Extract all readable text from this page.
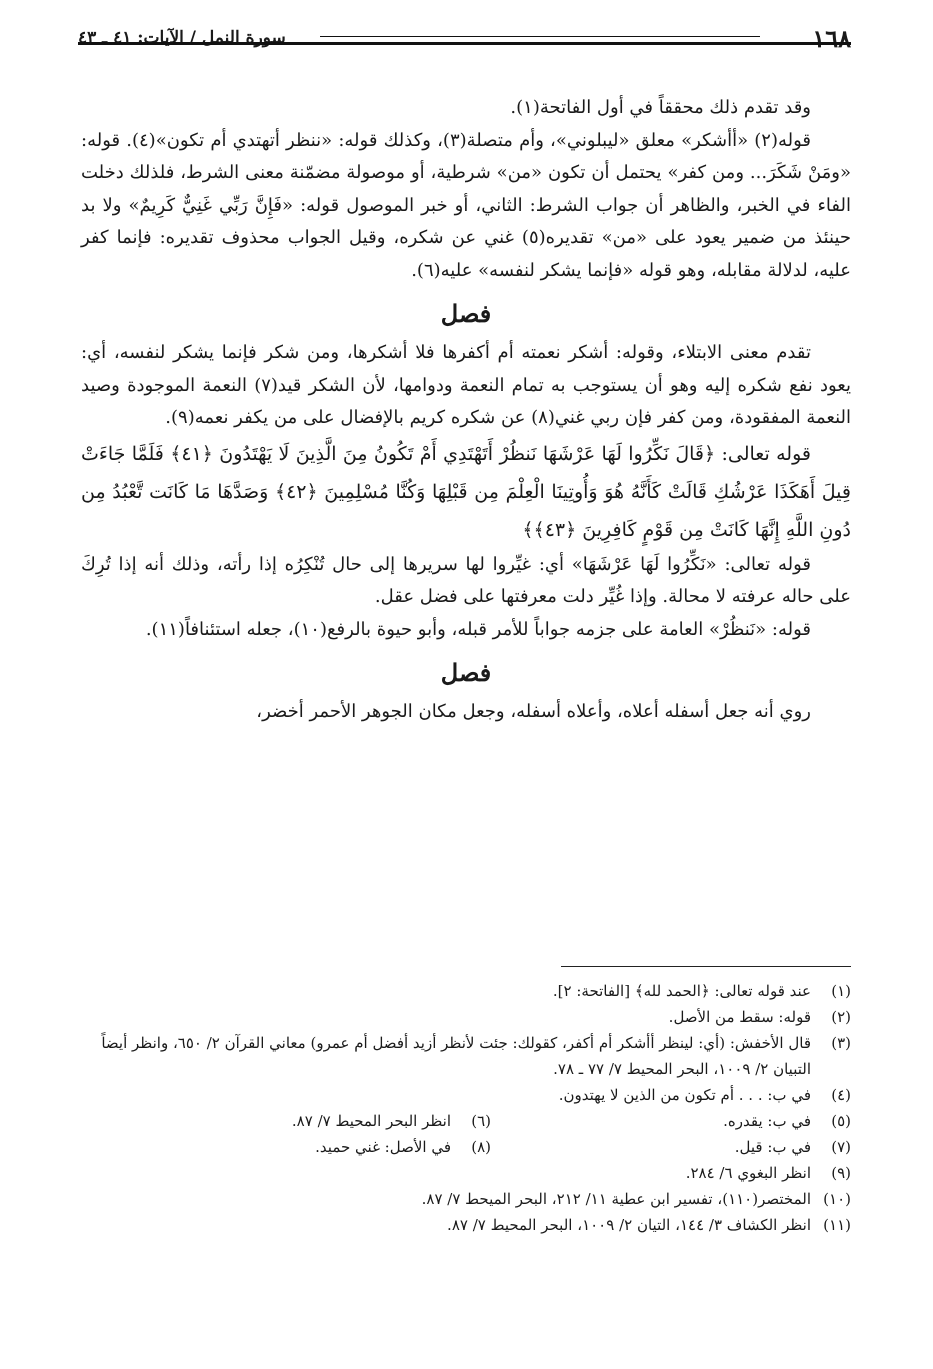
١٦٨
سورة النمل / الآيات: ٤١ ـ ٤٣

وقد تقدم ذلك محققاً في أول الفاتحة(١).

قوله(٢) «أأشكر» معلق «ليبلوني»، وأم متصلة(٣)، وكذلك قوله: «ننظر أتهتدي أم تكون»(٤). قوله: «ومَنْ شَكَرَ... ومن كفر» يحتمل أن تكون «من» شرطية، أو موصولة مضمّنة معنى الشرط، فلذلك دخلت الفاء في الخبر، والظاهر أن جواب الشرط: الثاني، أو خبر الموصول قوله: «فَإِنَّ رَبِّي غَنِيٌّ كَرِيمٌ» ولا بد حينئذ من ضمير يعود على «من» تقديره(٥) غني عن شكره، وقيل الجواب محذوف تقديره: فإنما كفر عليه، لدلالة مقابله، وهو قوله «فإنما يشكر لنفسه» عليه(٦).

فصل

تقدم معنى الابتلاء، وقوله: أشكر نعمته أم أكفرها فلا أشكرها، ومن شكر فإنما يشكر لنفسه، أي: يعود نفع شكره إليه وهو أن يستوجب به تمام النعمة ودوامها، لأن الشكر قيد(٧) النعمة الموجودة وصيد النعمة المفقودة، ومن كفر فإن ربي غني(٨) عن شكره كريم بالإفضال على من يكفر نعمه(٩).

قوله تعالى: ﴿قَالَ نَكِّرُوا لَهَا عَرْشَهَا نَنظُرْ أَتَهْتَدِي أَمْ تَكُونُ مِنَ الَّذِينَ لَا يَهْتَدُونَ ﴿٤١﴾ فَلَمَّا جَاءَتْ قِيلَ أَهَكَذَا عَرْشُكِ قَالَتْ كَأَنَّهُ هُوَ وَأُوتِينَا الْعِلْمَ مِن قَبْلِهَا وَكُنَّا مُسْلِمِينَ ﴿٤٢﴾ وَصَدَّهَا مَا كَانَت تَّعْبُدُ مِن دُونِ اللَّهِ إِنَّهَا كَانَتْ مِن قَوْمٍ كَافِرِينَ ﴿٤٣﴾﴾

قوله تعالى: «نَكِّرُوا لَهَا عَرْشَهَا» أي: غيِّروا لها سريرها إلى حال تُنْكِرُه إذا رأته، وذلك أنه إذا تُرِكَ على حاله عرفته لا محالة. وإذا غُيِّر دلت معرفتها على فضل عقل.

قوله: «نَنظُرْ» العامة على جزمه جواباً للأمر قبله، وأبو حيوة بالرفع(١٠)، جعله استئنافاً(١١).

فصل

روي أنه جعل أسفله أعلاه، وأعلاه أسفله، وجعل مكان الجوهر الأحمر أخضر،

(١)
عند قوله تعالى: ﴿الحمد لله﴾ [الفاتحة: ٢].
(٢)
قوله: سقط من الأصل.
(٣)
قال الأخفش: (أي: لينظر أأشكر أم أكفر، كقولك: جئت لأنظر أزيد أفضل أم عمرو) معاني القرآن ٢/ ٦٥٠، وانظر أيضاً التبيان ٢/ ١٠٠٩، البحر المحيط ٧/ ٧٧ ـ ٧٨.
(٤)
في ب: . . . أم تكون من الذين لا يهتدون.
(٥)
في ب: يقدره.
(٦)
انظر البحر المحيط ٧/ ٨٧.
(٧)
في ب: قيل.
(٨)
في الأصل: غني حميد.
(٩)
انظر البغوي ٦/ ٢٨٤.
(١٠)
المختصر(١١٠)، تفسير ابن عطية ١١/ ٢١٢، البحر الميحط ٧/ ٨٧.
(١١)
انظر الكشاف ٣/ ١٤٤، التيان ٢/ ١٠٠٩، البحر المحيط ٧/ ٨٧.
